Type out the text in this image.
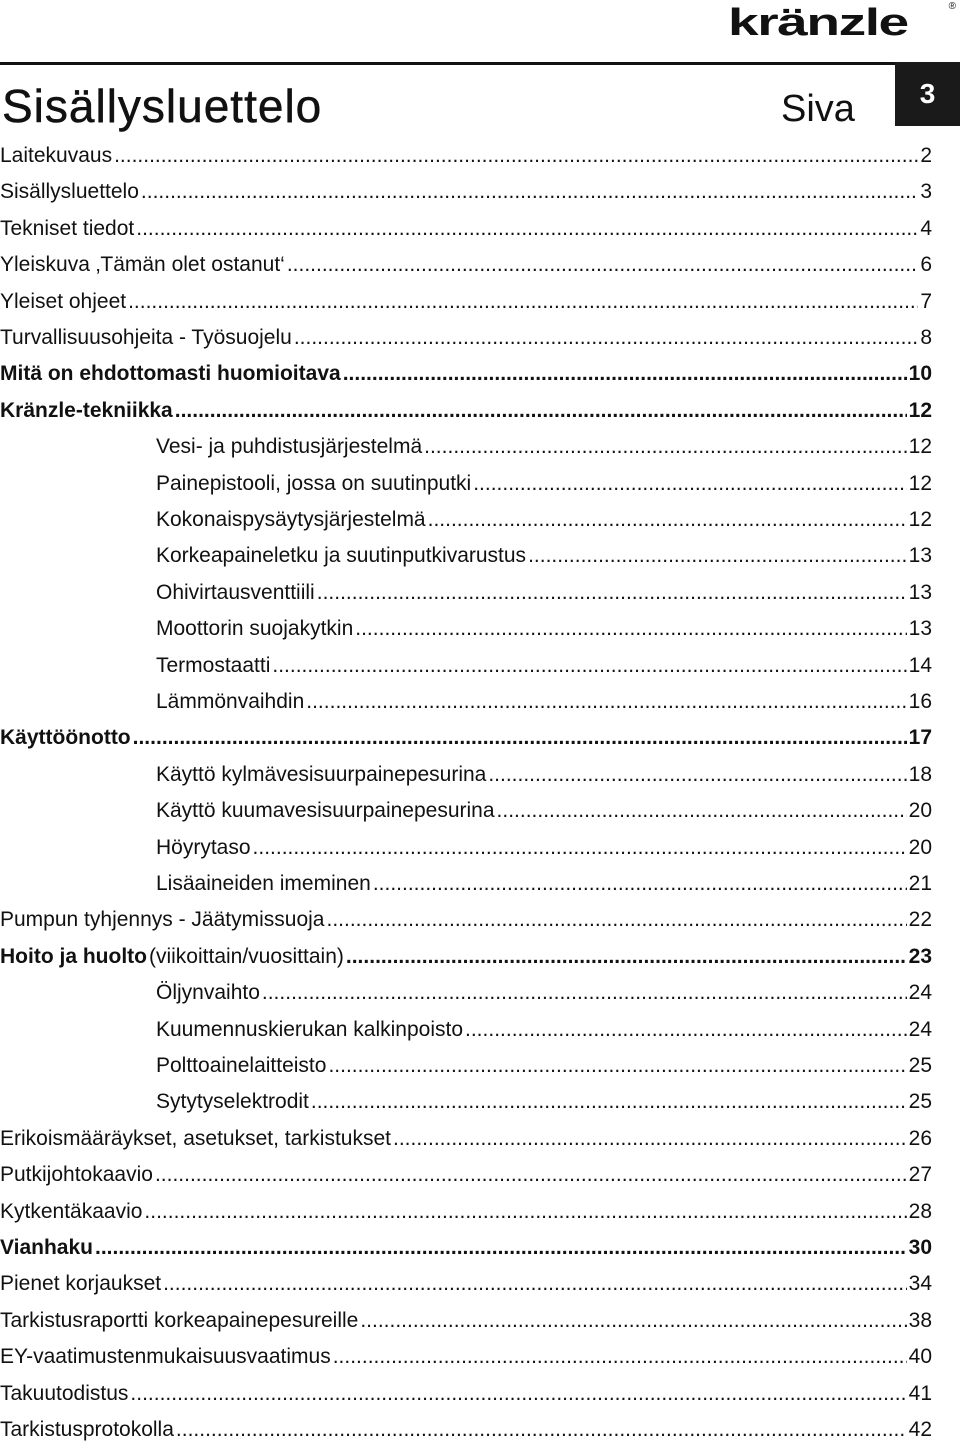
kränzle	®
3
Sisällysluettelo	Siva
Laitekuvaus .....	2
Sisällysluettelo .....	3
Tekniset tiedot .....	4
Yleiskuva ‚Tämän olet ostanut‘ .....	6
Yleiset ohjeet .....	7
Turvallisuusohjeita - Työsuojelu .....	8
Mitä on ehdottomasti huomioitava .....	10
Kränzle-tekniikka .....	12
Vesi- ja puhdistusjärjestelmä .....	12
Painepistooli, jossa on suutinputki .....	12
Kokonaispysäytysjärjestelmä .....	12
Korkeapaineletku ja suutinputkivarustus .....	13
Ohivirtausventtiili .....	13
Moottorin suojakytkin .....	13
Termostaatti .....	14
Lämmönvaihdin .....	16
Käyttöönotto .....	17
Käyttö kylmävesisuurpainepesurina .....	18
Käyttö kuumavesisuurpainepesurina .....	20
Höyrytaso .....	20
Lisäaineiden imeminen .....	21
Pumpun tyhjennys - Jäätymissuoja .....	22
Hoito ja huolto (viikoittain/vuosittain) .....	23
Öljynvaihto .....	24
Kuumennuskierukan kalkinpoisto .....	24
Polttoainelaitteisto .....	25
Sytytyselektrodit .....	25
Erikoismääräykset, asetukset, tarkistukset .....	26
Putkijohtokaavio .....	27
Kytkentäkaavio .....	28
Vianhaku .....	30
Pienet korjaukset .....	34
Tarkistusraportti korkeapainepesureille .....	38
EY-vaatimustenmukaisuusvaatimus .....	40
Takuutodistus .....	41
Tarkistusprotokolla .....	42
